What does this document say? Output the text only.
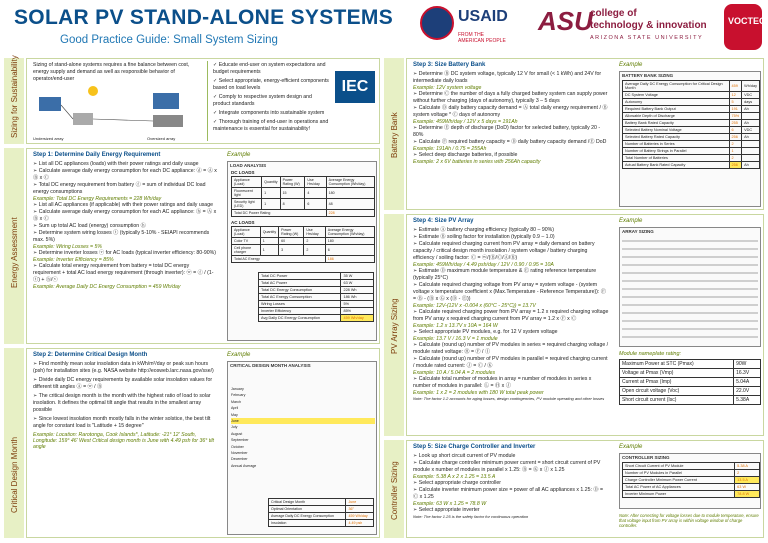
SOLAR PV STAND-ALONE SYSTEMS
Good Practice Guide: Small System Sizing
USAID
FROM THE AMERICAN PEOPLE
ASU
college of
technology & innovation
ARIZONA STATE UNIVERSITY
VOCTEC
Sizing for Sustainability
Energy Assessment
Critical Design Month
Sizing of stand-alone systems requires a fine balance between cost, energy supply and demand as well as responsible behavior of operator/end-user
Undersized array	Oversized array
✓ Educate end-user on system expectations and budget requirements
✓ Select appropriate, energy-efficient components based on load levels
✓ Comply to respective system design and product standards
✓ Integrate components into sustainable system
✓ Thorough training of end-user in operations and maintenance is essential for sustainability!
IEC
Step 1: Determine Daily Energy Requirement
➢ List all DC appliances (loads) with their power ratings and daily usage
➢ Calculate average daily energy consumption for each DC appliance: ⓓ = Ⓐ x Ⓑ x Ⓒ
➢ Total DC energy requirement from battery ⓕ = sum of individual DC load energy consumptions
Example: Total DC Energy Requirements = 228 Wh/day
➢ List all AC appliances (if applicable) with their power ratings and daily usage
➢ Calculate average daily energy consumption for each AC appliance: ⓗ = Ⓐ x Ⓑ x Ⓒ
➢ Sum up total AC load (energy) consumption ⓗ
➢ Determine system wiring losses ⓣ (typically 5-10% - SEIAPI recommends max. 5%)
Example: Wiring Losses = 5%
➢ Determine inverter losses ⓥ for AC loads (typical inverter efficiency: 80-90%)
Example: Inverter Efficiency = 85%
➢ Calculate total energy requirement from battery = total DC energy requirement + total AC load energy requirement (through inverter): ⓦ = ⓕ / (1-ⓣ) + ⓗ/ⓥ
Example: Average Daily DC Energy Consumption = 459 Wh/day
Example
LOAD ANALYSIS
DC LOADS
Appliance (Load)	Quantity	Power Rating (W)	Use Hrs/day	Average Energy Consumption (Wh/day)
Fluorescent light	1	15	4	180
Security light (LED)	1	8	6	48
Total DC Power Rating				228
AC LOADS
Appliance (Load)	Quantity	Power Rating (W)	Use Hrs/day	Average Energy Consumption (Wh/day)
Color TV	1	60	2	180
Cell phone charger	1	3	2	6
Total AC Energy				186
Total DC Power	35 W
Total AC Power	63 W
Total DC Energy Consumption	228 Wh
Total AC Energy Consumption	186 Wh
Wiring Losses	5%
Inverter Efficiency	85%
Avg Daily DC Energy Consumption	459 Wh/day
Step 2: Determine Critical Design Month
➢ Find monthly mean solar insolation data in kWh/m²/day or peak sun hours (psh) for installation sites (e.g. NASA website http://eosweb.larc.nasa.gov/sse/)
➢ Divide daily DC energy requirements by available solar insolation values for different tilt angles Ⓐ = ⓦ / Ⓑ
➢ The critical design month is the month with the highest ratio of load to solar insolation. It defines the optimal tilt angle that results in the smallest array possible
➢ Since lowest insolation month mostly falls in the winter solstice, the best tilt angle for constant load is "Latitude + 15 degree"
Example: Location: Rarotonga, Cook Islands*, Latitude: -21° 12' South, Longitude: 159° 46' West Critical design month is June with 4.49 psh for 36° tilt angle
Example
CRITICAL DESIGN MONTH ANALYSIS
January
February
March
April
May
June
July
August
September
October
November
December
Annual Average
Critical Design Month	June
Optimal Orientation	36°
Average Daily DC Energy Consumption	459 Wh/day
Insolation	4.49 psh
Battery Bank
PV Array Sizing
Controller Sizing
Step 3: Size Battery Bank
➢ Determine Ⓑ DC system voltage, typically 12 V for small (< 1 kWh) and 24V for intermediate daily loads
Example: 12V system voltage
➢ Determine Ⓒ the number of days a fully charged battery system can supply power without further charging (days of autonomy), typically 3 – 5 days
➢ Calculate Ⓓ daily battery capacity demand = Ⓐ total daily energy requirement / Ⓑ system voltage * Ⓒ days of autonomy
Example: 459Wh/day / 12V x 5 days = 191Ah
➢ Determine Ⓔ depth of discharge (DoD) factor for selected battery, typically 20 - 80%
➢ Calculate Ⓕ required battery capacity = Ⓓ daily battery capacity demand /Ⓔ DoD
Example: 191Ah / 0.75 = 255Ah
➢ Select deep discharge batteries, if possible
Example: 2 x 6V batteries in series with 256Ah capacity
Example
BATTERY BANK SIZING
Average Daily DC Energy Consumption for Critical Design Month	459	Wh/day
DC System Voltage	12	VDC
Autonomy	5	days
Required Battery Bank Output	191	Ah
Allowable Depth of Discharge	75%	
Battery Bank Rated Capacity	255	Ah
Selected Battery Nominal Voltage	6	VDC
Selected Battery Rated Capacity	256	Ah
Number of Batteries in Series	2	
Number of Battery Strings in Parallel	1	
Total Number of Batteries	2	
Actual Battery Bank Rated Capacity	256	Ah
Step 4: Size PV Array
➢ Estimate Ⓐ battery charging efficiency (typically 80 – 90%)
➢ Estimate Ⓑ soiling factor for installation (typically 0.9 – 1.0)
➢ Calculate required charging current from PV array = daily demand on battery capacity / critical design month insolation / system voltage / battery charging efficiency / soiling factor: Ⓒ = ⓦ/(Ⓑ/Ⓒ/Ⓐ/Ⓑ)
Example: 459Wh/day / 4.49 psh/day / 12V / 0.90 / 0.95 = 10A
➢ Estimate Ⓓ maximum module temperature & Ⓔ rating reference temperature (typically 25°C)
➢ Calculate required charging voltage from PV array = system voltage - (system voltage x temperature coefficient x (Max.Temperature - Reference Temperature)): Ⓕ = Ⓑ - (Ⓑ x Ⓖ x (Ⓓ - Ⓔ))
Example: 12V-(12V x -0.004 x (60°C - 25°C)) = 13.7V
➢ Calculate required charging power from PV array = 1.2 x required charging voltage from PV array x required charging current from PV array = 1.2 x Ⓕ x Ⓒ
Example: 1.2 x 13.7V x 10A = 164 W
➢ Select appropriate PV modules, e.g. for 12 V system voltage
Example: 13.7 V / 16.3 V = 1 module
➢ Calculate (round up) number of PV modules in series = required charging voltage / module rated voltage: Ⓗ = Ⓕ / Ⓘ
➢ Calculate (round up) number of PV modules in parallel = required charging current / module rated current: Ⓙ = Ⓒ / Ⓚ
Example: 10 A / 5.04 A = 2 modules
➢ Calculate total number of modules in array = number of modules in series x number of modules in parallel: Ⓛ = Ⓗ x Ⓙ
Example: 1 x 2 = 2 modules with 180 W total peak power
Note: The factor 1.2 accounts for aging losses, design contingencies, PV module operating and other losses
Example
ARRAY SIZING
Module nameplate rating:
Maximum Power at STC (Pmax)	90W
Voltage at Pmax (Vmp)	16.3V
Current at Pmax (Imp)	5.04A
Open circuit voltage (Voc)	22.0V
Short circuit current (Isc)	5.38A
Step 5: Size Charge Controller and Inverter
➢ Look up short circuit current of PV module
➢ Calculate charge controller minimum power current = short circuit current of PV module x number of modules in parallel x 1.25: Ⓑ = Ⓚ x Ⓙ x 1.25
Example: 5.38 A x 2 x 1.25 = 13.5 A
➢ Select appropriate charge controller
➢ Calculate inverter minimum power size = power of all AC appliances x 1.25: Ⓓ = Ⓒ x 1.25
Example: 63 W x 1.25 = 78.8 W
➢ Select appropriate inverter
Note: The factor 1.25 is the safety factor for continuous operation
Example
CONTROLLER SIZING
Short Circuit Current of PV Module	5.38 A
Number of PV Modules in Parallel	2
Charge Controller Minimum Power Current	13.5 A
Total AC Power of AC Appliances	63 W
Inverter Minimum Power	78.8 W
Note: After correcting for voltage losses due to module temperature, ensure that voltage input from PV array is within voltage window of charge controller.
